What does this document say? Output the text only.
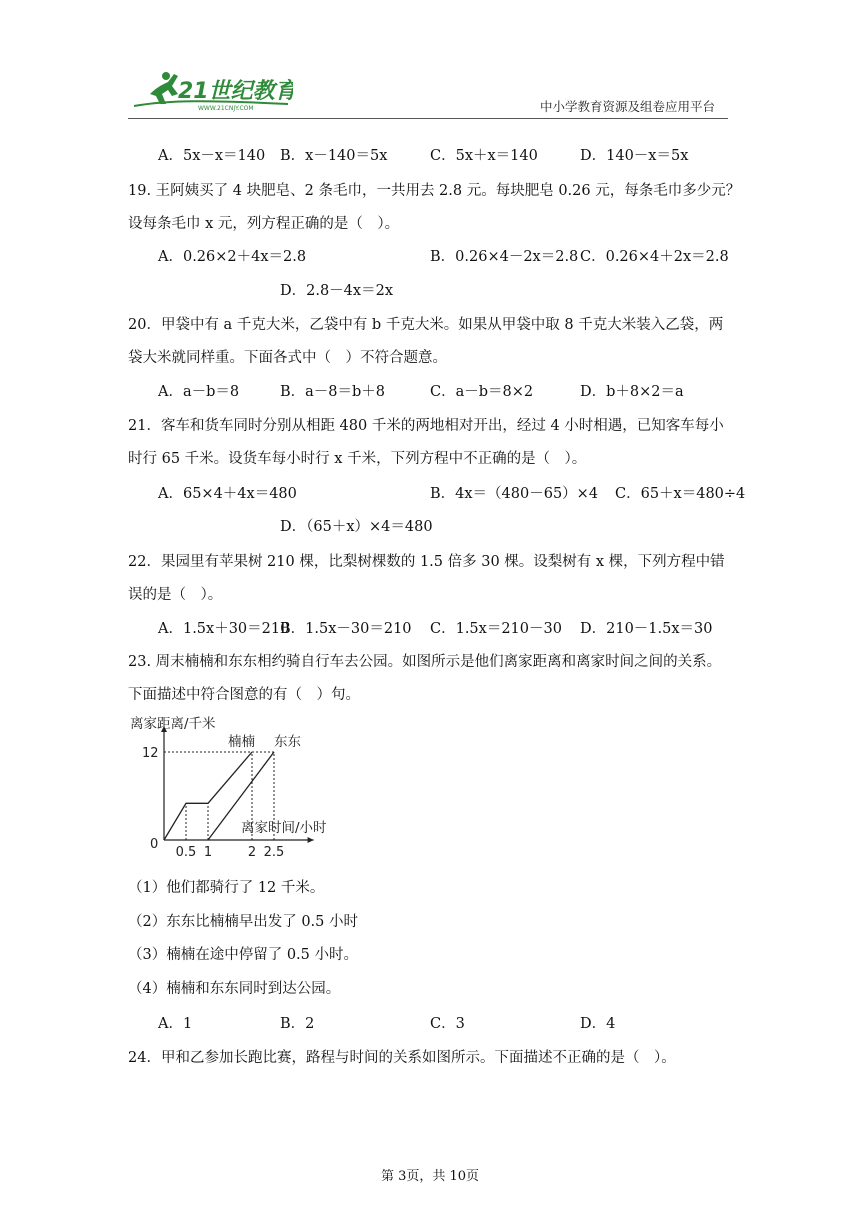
21世纪教育
WWW.21CNJY.COM	中小学教育资源及组卷应用平台
A．5x－x＝140 B．x－140＝5x	C．5x＋x＝140	D．140－x＝5x
19. 王阿姨买了 4 块肥皂、2 条毛巾，一共用去 2.8 元。每块肥皂 0.26 元，每条毛巾多少元？
设每条毛巾 x 元，列方程正确的是（　）。
A．0.26×2＋4x＝2.8	B．0.26×4－2x＝2.8 C．0.26×4＋2x＝2.8
D．2.8－4x＝2x
20．甲袋中有 a 千克大米，乙袋中有 b 千克大米。如果从甲袋中取 8 千克大米装入乙袋，两
袋大米就同样重。下面各式中（　）不符合题意。
A．a－b＝8	B．a－8＝b＋8	C．a－b＝8×2	D．b＋8×2＝a
21．客车和货车同时分别从相距 480 千米的两地相对开出，经过 4 小时相遇，已知客车每小
时行 65 千米。设货车每小时行 x 千米，下列方程中不正确的是（　）。
A．65×4＋4x＝480	B．4x＝（480－65）×4 C．65＋x＝480÷4
D．（65＋x）×4＝480
22．果园里有苹果树 210 棵，比梨树棵数的 1.5 倍多 30 棵。设梨树有 x 棵，下列方程中错
误的是（　）。
A．1.5x＋30＝210
B．1.5x－30＝210 C．1.5x＝210－30 D．210－1.5x＝30
23. 周末楠楠和东东相约骑自行车去公园。如图所示是他们离家距离和离家时间之间的关系。
下面描述中符合图意的有（　）句。
离家距离/千米
离家时间/小时
0
12
0.5 1	2 2.5
楠楠 东东
（1）他们都骑行了 12 千米。
（2）东东比楠楠早出发了 0.5 小时
（3）楠楠在途中停留了 0.5 小时。
（4）楠楠和东东同时到达公园。
A．1	B．2	C．3	D．4
24．甲和乙参加长跑比赛，路程与时间的关系如图所示。下面描述不正确的是（　）。
第 3页，共 10页
